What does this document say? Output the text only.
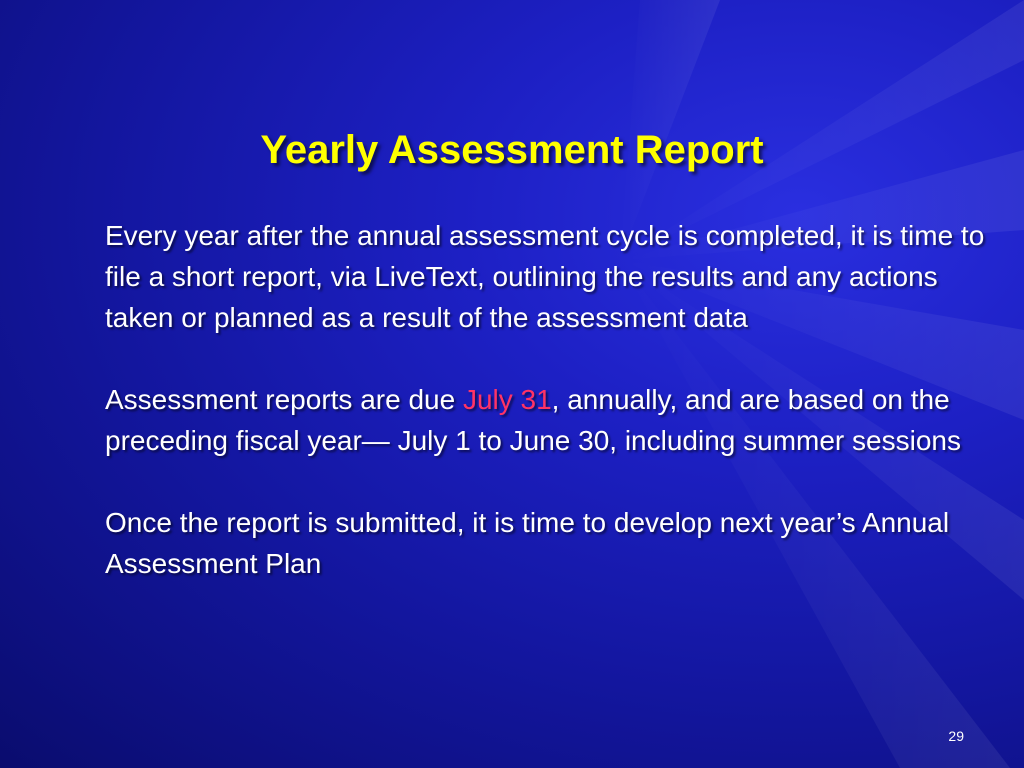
Yearly Assessment Report

Every year after the annual assessment cycle is completed, it is time to file a short report, via LiveText, outlining the results and any actions taken or planned as a result of the assessment data

Assessment reports are due July 31, annually, and are based on the preceding fiscal year— July 1 to June 30, including summer sessions

Once the report is submitted, it is time to develop next year’s Annual Assessment Plan

29
